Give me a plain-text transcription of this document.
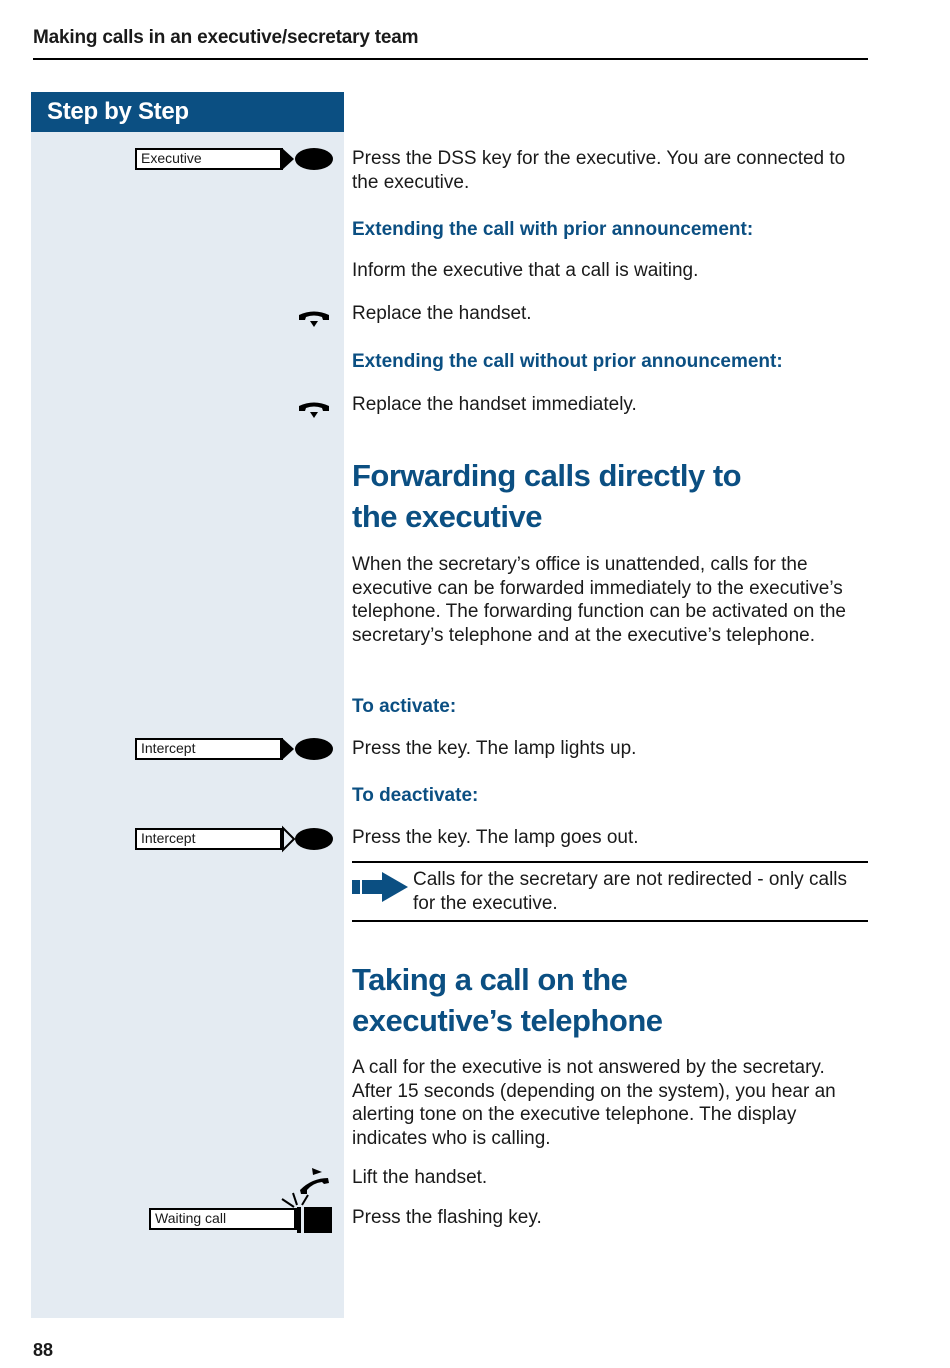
Making calls in an executive/secretary team
Step by Step
Executive	Press the DSS key for the executive. You are connected to the executive.
Extending the call with prior announcement:
Inform the executive that a call is waiting.
Replace the handset.
Extending the call without prior announcement:
Replace the handset immediately.
Forwarding calls directly to the executive
When the secretary’s office is unattended, calls for the executive can be forwarded immediately to the executive’s telephone. The forwarding function can be activated on the secretary’s telephone and at the executive’s telephone.
To activate:
Intercept	Press the key. The lamp lights up.
To deactivate:
Intercept	Press the key. The lamp goes out.
Calls for the secretary are not redirected - only calls for the executive.
Taking a call on the executive’s telephone
A call for the executive is not answered by the secretary. After 15 seconds (depending on the system), you hear an alerting tone on the executive telephone. The display indicates who is calling.
Lift the handset.
Waiting call	Press the flashing key.
88
